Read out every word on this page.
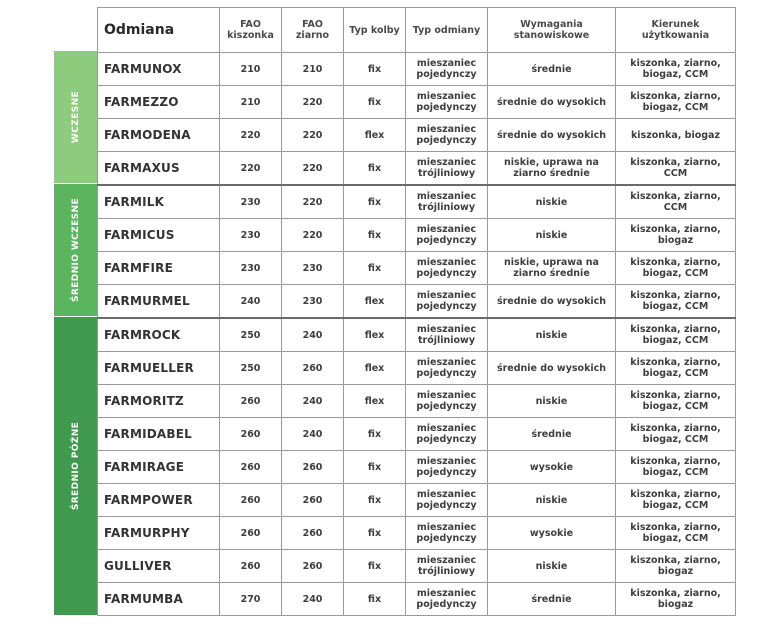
WCZESNE
ŚREDNIO WCZESNE
ŚREDNIO PÓŹNE
Odmiana	FAO kiszonka	FAO ziarno	Typ kolby	Typ odmiany	Wymagania stanowiskowe	Kierunek użytkowania
FARMUNOX	210	210	fix	mieszaniec pojedynczy	średnie	kiszonka, ziarno, biogaz, CCM
FARMEZZO	210	220	fix	mieszaniec pojedynczy	średnie do wysokich	kiszonka, ziarno, biogaz, CCM
FARMODENA	220	220	flex	mieszaniec pojedynczy	średnie do wysokich	kiszonka, biogaz
FARMAXUS	220	220	fix	mieszaniec trójliniowy	niskie, uprawa na ziarno średnie	kiszonka, ziarno, CCM
FARMILK	230	220	fix	mieszaniec trójliniowy	niskie	kiszonka, ziarno, CCM
FARMICUS	230	220	fix	mieszaniec pojedynczy	niskie	kiszonka, ziarno, biogaz
FARMFIRE	230	230	fix	mieszaniec pojedynczy	niskie, uprawa na ziarno średnie	kiszonka, ziarno, biogaz, CCM
FARMURMEL	240	230	flex	mieszaniec pojedynczy	średnie do wysokich	kiszonka, ziarno, biogaz, CCM
FARMROCK	250	240	flex	mieszaniec trójliniowy	niskie	kiszonka, ziarno, biogaz, CCM
FARMUELLER	250	260	flex	mieszaniec pojedynczy	średnie do wysokich	kiszonka, ziarno, biogaz, CCM
FARMORITZ	260	240	flex	mieszaniec pojedynczy	niskie	kiszonka, ziarno, biogaz, CCM
FARMIDABEL	260	240	fix	mieszaniec pojedynczy	średnie	kiszonka, ziarno, biogaz, CCM
FARMIRAGE	260	260	fix	mieszaniec pojedynczy	wysokie	kiszonka, ziarno, biogaz, CCM
FARMPOWER	260	260	fix	mieszaniec pojedynczy	niskie	kiszonka, ziarno, biogaz, CCM
FARMURPHY	260	260	fix	mieszaniec pojedynczy	wysokie	kiszonka, ziarno, biogaz, CCM
GULLIVER	260	260	fix	mieszaniec trójliniowy	niskie	kiszonka, ziarno, biogaz
FARMUMBA	270	240	fix	mieszaniec pojedynczy	średnie	kiszonka, ziarno, biogaz
